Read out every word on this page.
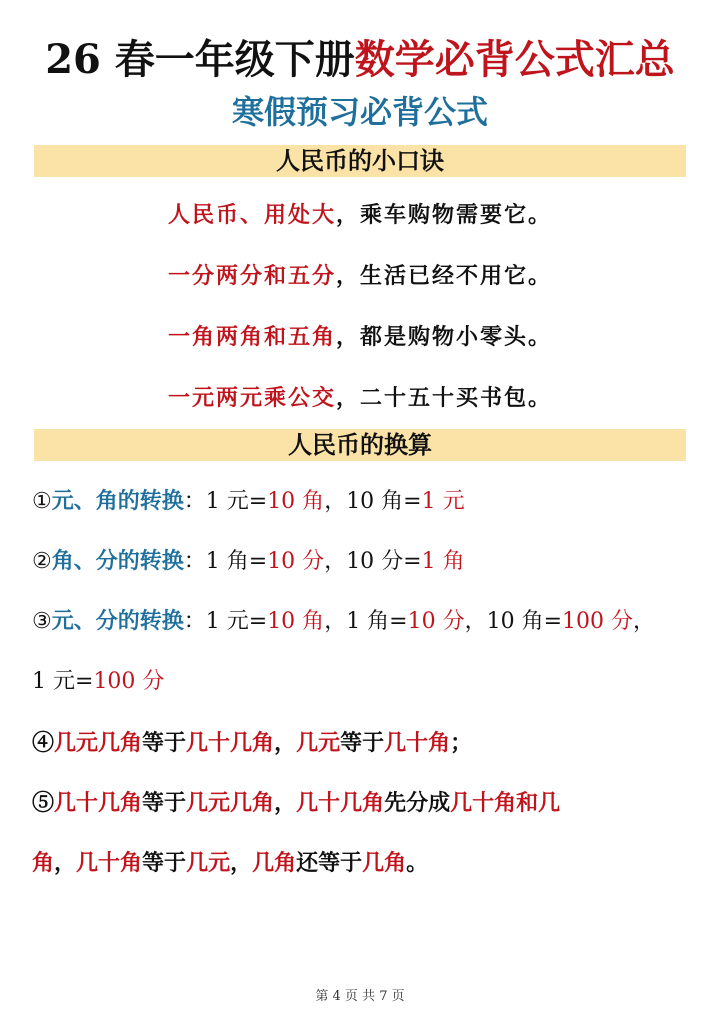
26 春一年级下册数学必背公式汇总
寒假预习必背公式
人民币的小口诀
人民币、用处大，乘车购物需要它。
一分两分和五分，生活已经不用它。
一角两角和五角，都是购物小零头。
一元两元乘公交，二十五十买书包。
人民币的换算
①元、角的转换：1 元=10 角，10 角=1 元
②角、分的转换：1 角=10 分，10 分=1 角
③元、分的转换：1 元=10 角，1 角=10 分，10 角=100 分，
1 元=100 分
④几元几角等于几十几角，几元等于几十角；
⑤几十几角等于几元几角，几十几角先分成几十角和几
角，几十角等于几元，几角还等于几角。
第 4 页 共 7 页
